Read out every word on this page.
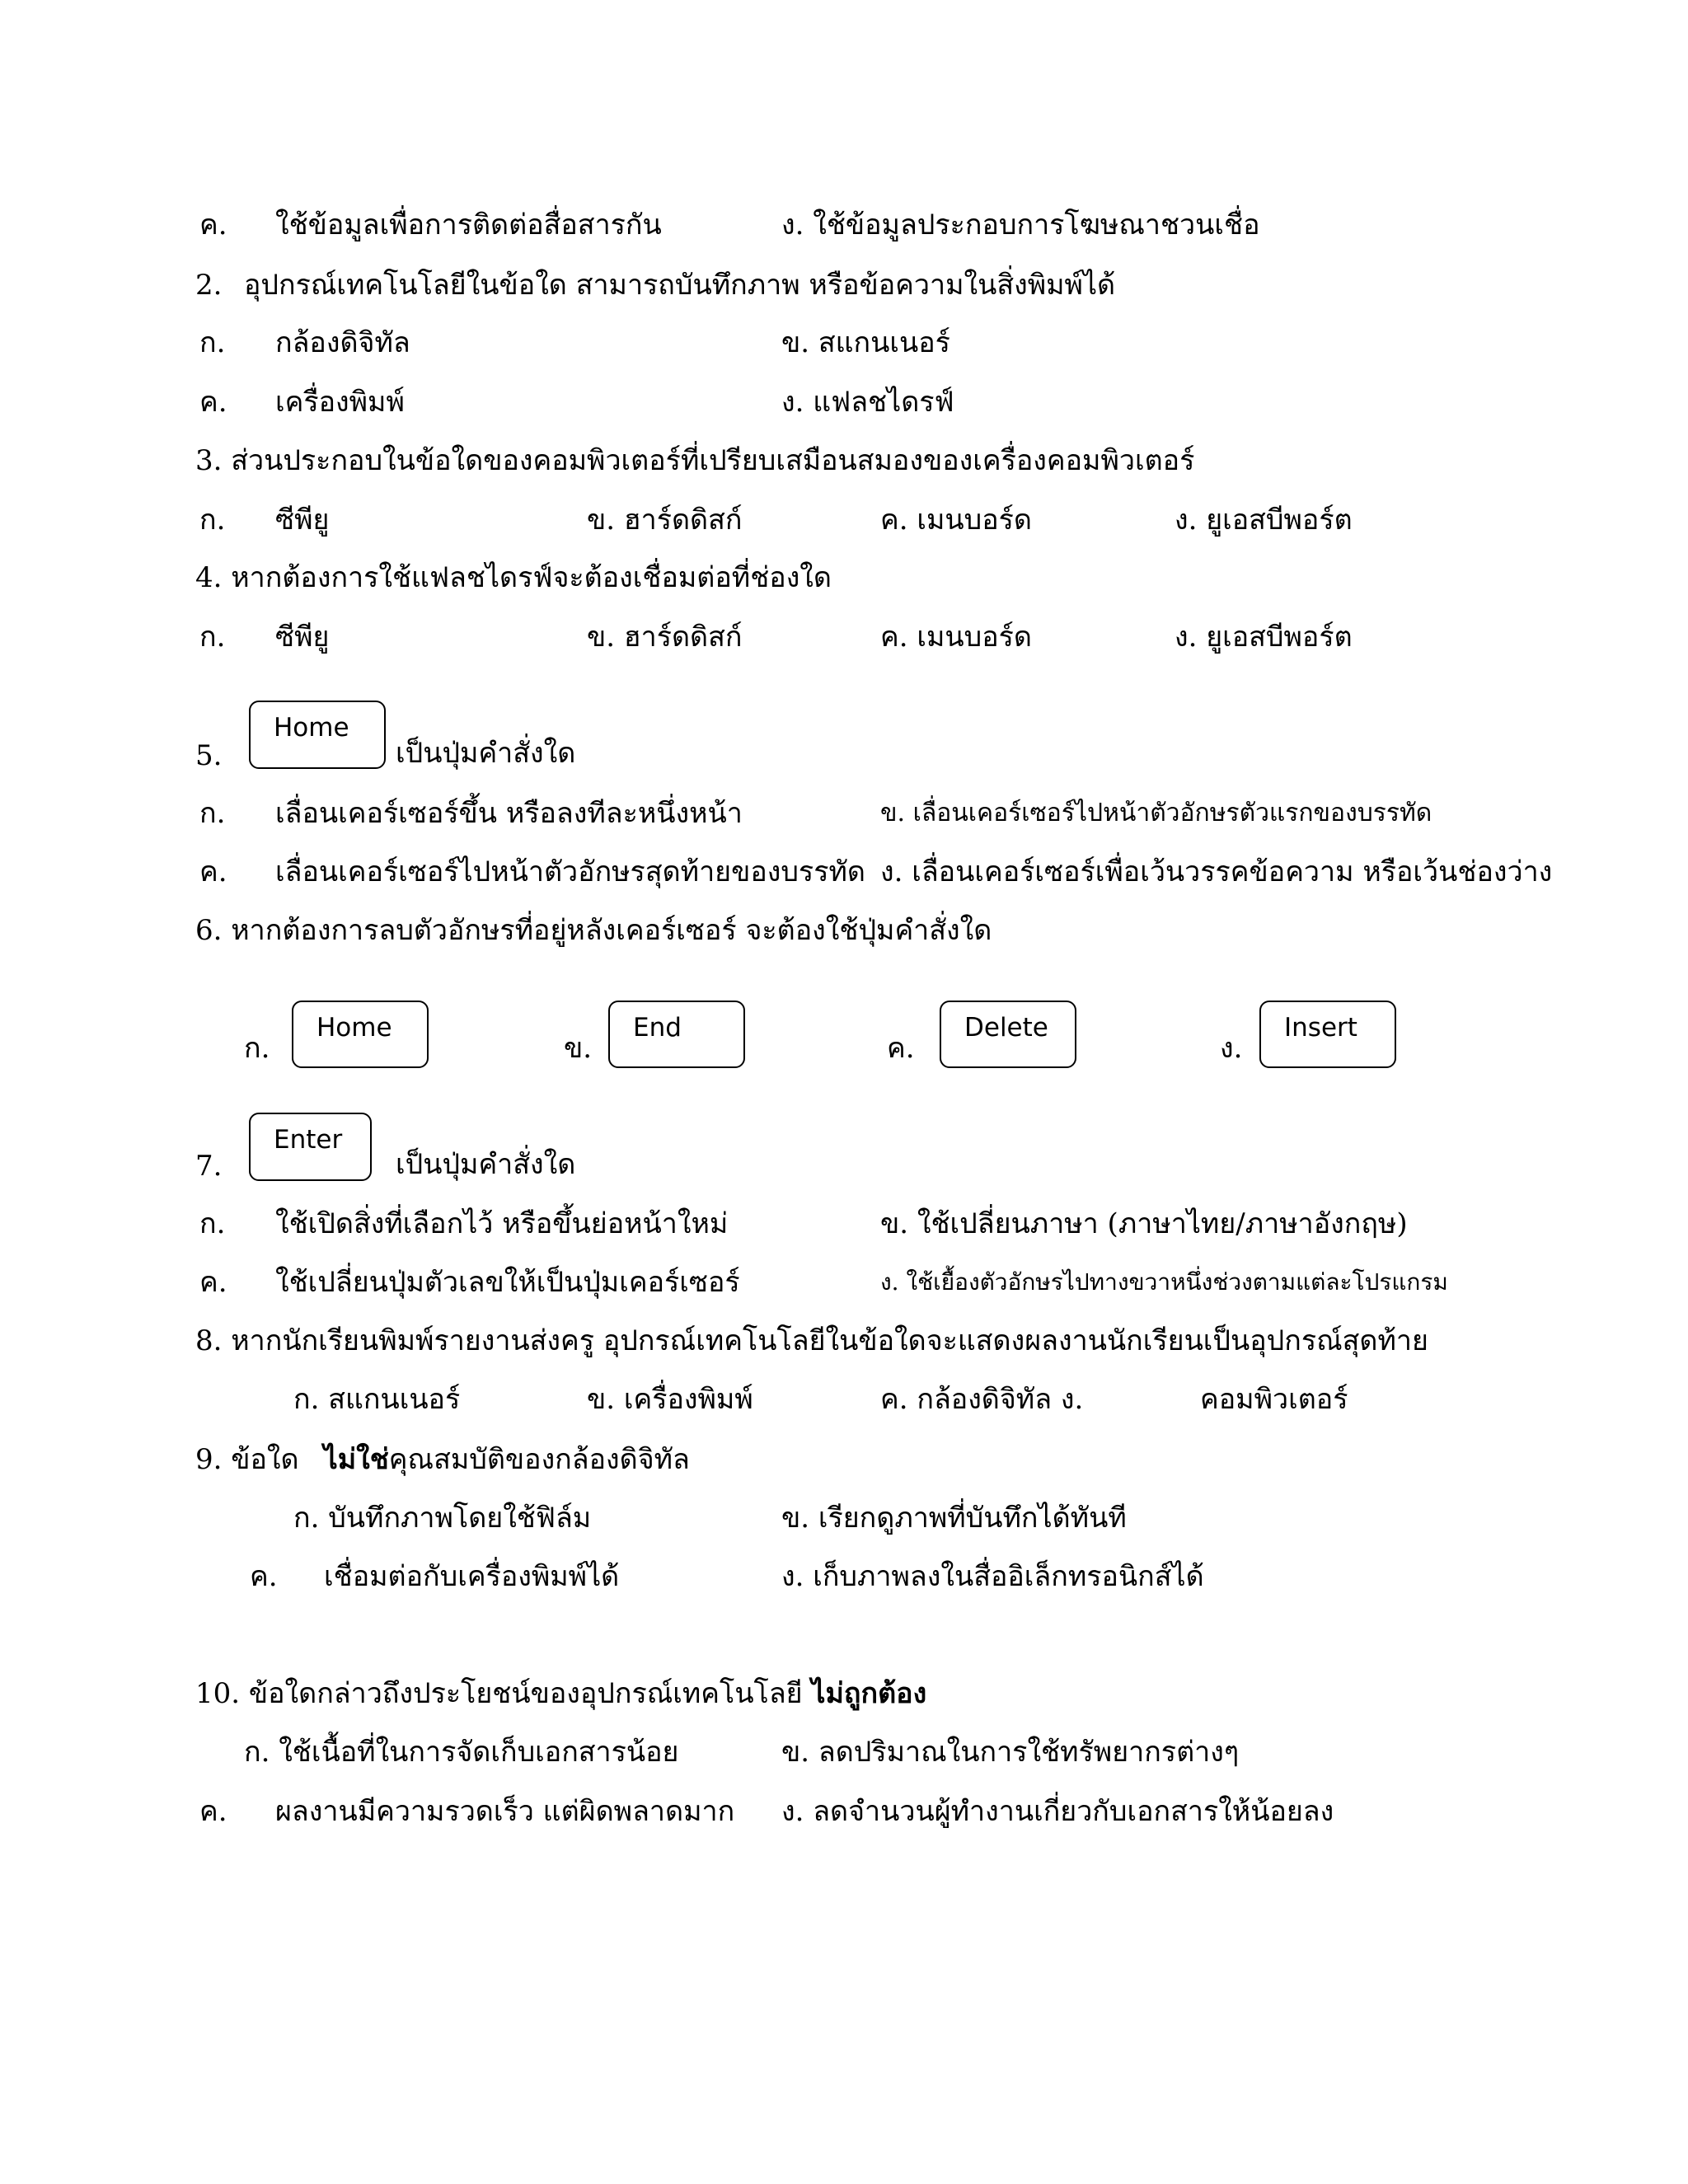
ค. ใช้ข้อมูลเพื่อการติดต่อสื่อสารกัน	ง. ใช้ข้อมูลประกอบการโฆษณาชวนเชื่อ
2. อุปกรณ์เทคโนโลยีในข้อใด สามารถบันทึกภาพ หรือข้อความในสิ่งพิมพ์ได้
ก. กล้องดิจิทัล	ข. สแกนเนอร์
ค. เครื่องพิมพ์	ง. แฟลชไดรฟ์
3. ส่วนประกอบในข้อใดของคอมพิวเตอร์ที่เปรียบเสมือนสมองของเครื่องคอมพิวเตอร์
ก. ซีพียู	ข. ฮาร์ดดิสก์	ค. เมนบอร์ด	ง. ยูเอสบีพอร์ต
4. หากต้องการใช้แฟลชไดรฟ์จะต้องเชื่อมต่อที่ช่องใด
ก. ซีพียู	ข. ฮาร์ดดิสก์	ค. เมนบอร์ด	ง. ยูเอสบีพอร์ต
5.
Home
เป็นปุ่มคำสั่งใด
ก. เลื่อนเคอร์เซอร์ขึ้น หรือลงทีละหนึ่งหน้า	ข. เลื่อนเคอร์เซอร์ไปหน้าตัวอักษรตัวแรกของบรรทัด
ค. เลื่อนเคอร์เซอร์ไปหน้าตัวอักษรสุดท้ายของบรรทัด ง. เลื่อนเคอร์เซอร์เพื่อเว้นวรรคข้อความ หรือเว้นช่องว่าง
6. หากต้องการลบตัวอักษรที่อยู่หลังเคอร์เซอร์ จะต้องใช้ปุ่มคำสั่งใด
ก.
Home
ข.
End
ค.
Delete
ง.
Insert
7.
Enter
เป็นปุ่มคำสั่งใด
ก. ใช้เปิดสิ่งที่เลือกไว้ หรือขึ้นย่อหน้าใหม่	ข. ใช้เปลี่ยนภาษา (ภาษาไทย/ภาษาอังกฤษ)
ค. ใช้เปลี่ยนปุ่มตัวเลขให้เป็นปุ่มเคอร์เซอร์	ง. ใช้เยื้องตัวอักษรไปทางขวาหนึ่งช่วงตามแต่ละโปรแกรม
8. หากนักเรียนพิมพ์รายงานส่งครู อุปกรณ์เทคโนโลยีในข้อใดจะแสดงผลงานนักเรียนเป็นอุปกรณ์สุดท้าย
ก. สแกนเนอร์	ข. เครื่องพิมพ์	ค. กล้องดิจิทัล ง.	คอมพิวเตอร์
9. ข้อใด ไม่ใช่คุณสมบัติของกล้องดิจิทัล
ก. บันทึกภาพโดยใช้ฟิล์ม	ข. เรียกดูภาพที่บันทึกได้ทันที
ค. เชื่อมต่อกับเครื่องพิมพ์ได้	ง. เก็บภาพลงในสื่ออิเล็กทรอนิกส์ได้
10. ข้อใดกล่าวถึงประโยชน์ของอุปกรณ์เทคโนโลยี ไม่ถูกต้อง
ก. ใช้เนื้อที่ในการจัดเก็บเอกสารน้อย	ข. ลดปริมาณในการใช้ทรัพยากรต่างๆ
ค. ผลงานมีความรวดเร็ว แต่ผิดพลาดมาก ง. ลดจำนวนผู้ทำงานเกี่ยวกับเอกสารให้น้อยลง
